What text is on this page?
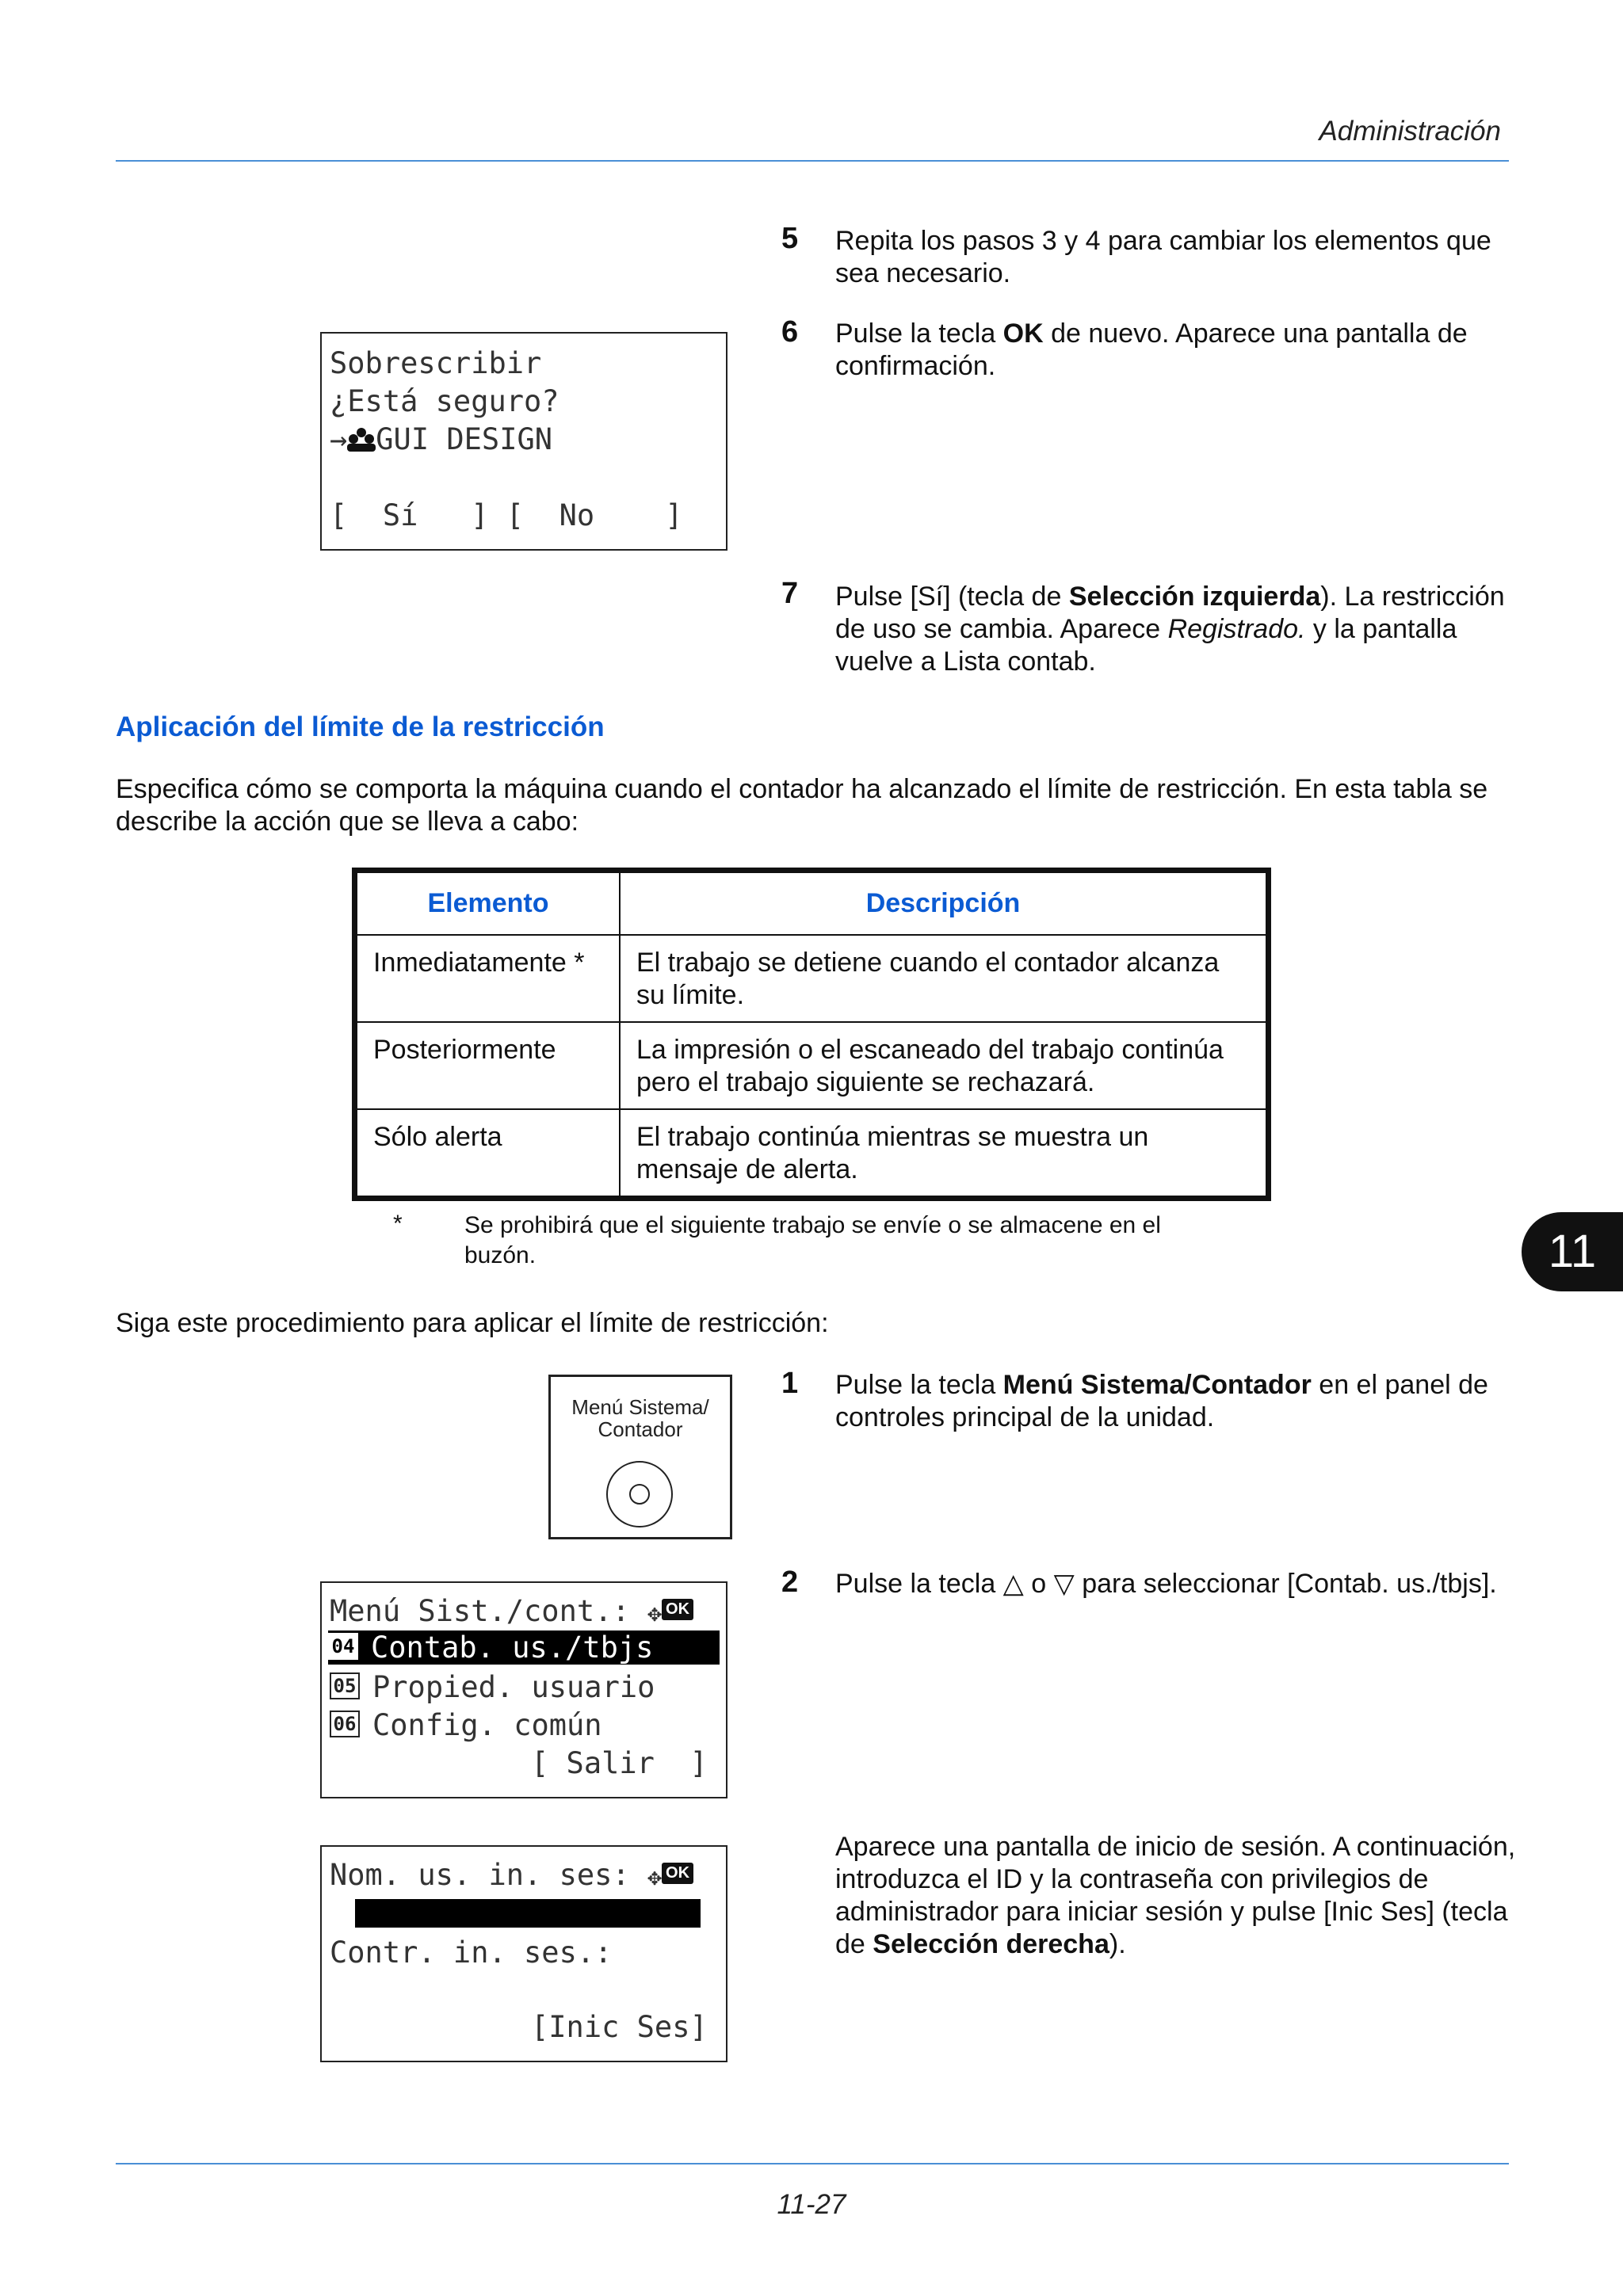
Administración
5	Repita los pasos 3 y 4 para cambiar los elementos que sea necesario.
6	Pulse la tecla OK de nuevo. Aparece una pantalla de confirmación.
Sobrescribir
¿Está seguro?
→ GUI DESIGN
[  Sí   ] [  No    ]
7	Pulse [Sí] (tecla de Selección izquierda). La restricción de uso se cambia. Aparece Registrado. y la pantalla vuelve a Lista contab.
Aplicación del límite de la restricción
Especifica cómo se comporta la máquina cuando el contador ha alcanzado el límite de restricción. En esta tabla se describe la acción que se lleva a cabo:
Elemento	Descripción
Inmediatamente *	El trabajo se detiene cuando el contador alcanza su límite.
Posteriormente	La impresión o el escaneado del trabajo continúa pero el trabajo siguiente se rechazará.
Sólo alerta	El trabajo continúa mientras se muestra un mensaje de alerta.
*	Se prohibirá que el siguiente trabajo se envíe o se almacene en el buzón.	11
Siga este procedimiento para aplicar el límite de restricción:
1	Pulse la tecla Menú Sistema/Contador en el panel de controles principal de la unidad.
Menú Sistema/
Contador
2	Pulse la tecla △ o ▽ para seleccionar [Contab. us./tbjs].
Menú Sist./cont.: ✥ OK
04 Contab. us./tbjs
05 Propied. usuario
06 Config. común
[ Salir  ]
Nom. us. in. ses: ✥ OK
Contr. in. ses.:
[Inic Ses]
Aparece una pantalla de inicio de sesión. A continuación, introduzca el ID y la contraseña con privilegios de administrador para iniciar sesión y pulse [Inic Ses] (tecla de Selección derecha).
11-27
